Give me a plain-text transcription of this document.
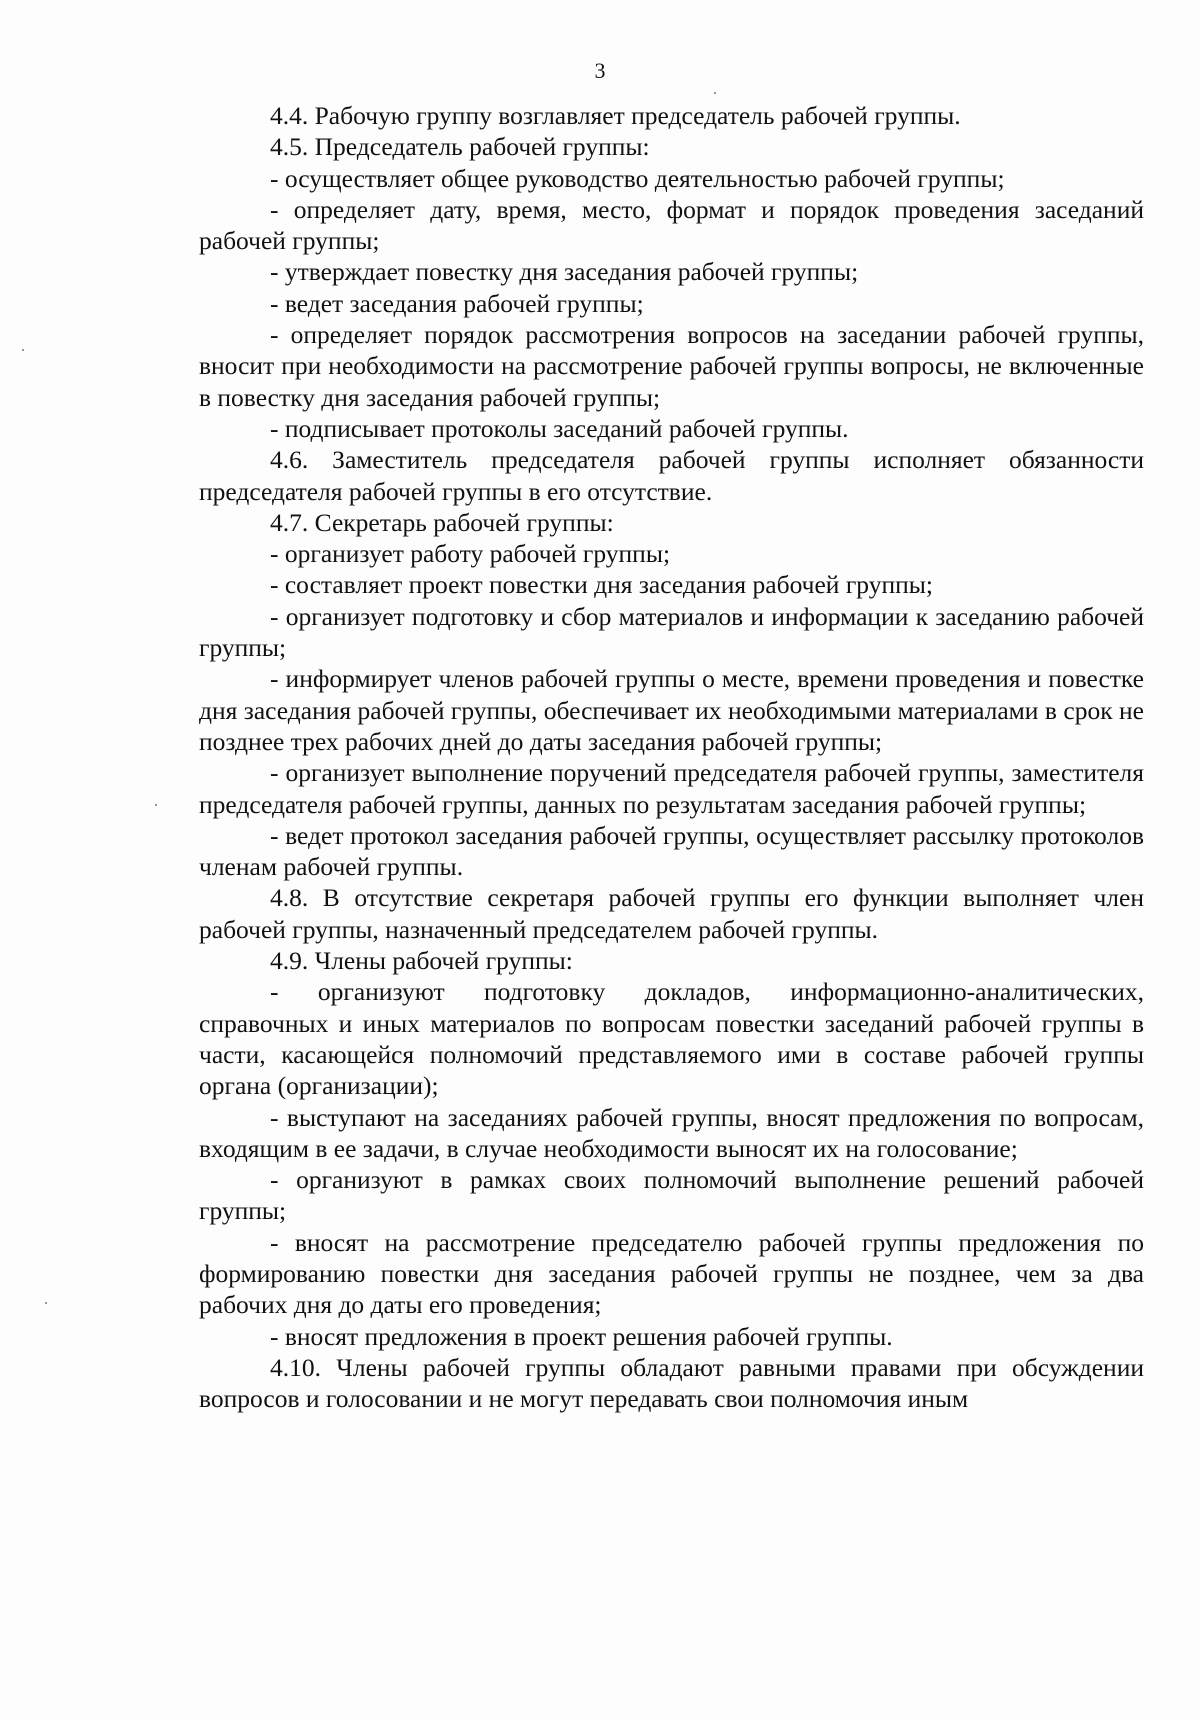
3

4.4. Рабочую группу возглавляет председатель рабочей группы.

4.5. Председатель рабочей группы:

- осуществляет общее руководство деятельностью рабочей группы;

- определяет дату, время, место, формат и порядок проведения заседаний рабочей группы;

- утверждает повестку дня заседания рабочей группы;

- ведет заседания рабочей группы;

- определяет порядок рассмотрения вопросов на заседании рабочей группы, вносит при необходимости на рассмотрение рабочей группы вопросы, не включенные в повестку дня заседания рабочей группы;

- подписывает протоколы заседаний рабочей группы.

4.6. Заместитель председателя рабочей группы исполняет обязанности председателя рабочей группы в его отсутствие.

4.7. Секретарь рабочей группы:

- организует работу рабочей группы;

- составляет проект повестки дня заседания рабочей группы;

- организует подготовку и сбор материалов и информации к заседанию рабочей группы;

- информирует членов рабочей группы о месте, времени проведения и повестке дня заседания рабочей группы, обеспечивает их необходимыми материалами в срок не позднее трех рабочих дней до даты заседания рабочей группы;

- организует выполнение поручений председателя рабочей группы, заместителя председателя рабочей группы, данных по результатам заседания рабочей группы;

- ведет протокол заседания рабочей группы, осуществляет рассылку протоколов членам рабочей группы.

4.8. В отсутствие секретаря рабочей группы его функции выполняет член рабочей группы, назначенный председателем рабочей группы.

4.9. Члены рабочей группы:

- организуют подготовку докладов, информационно-аналитических, справочных и иных материалов по вопросам повестки заседаний рабочей группы в части, касающейся полномочий представляемого ими в составе рабочей группы органа (организации);

- выступают на заседаниях рабочей группы, вносят предложения по вопросам, входящим в ее задачи, в случае необходимости выносят их на голосование;

- организуют в рамках своих полномочий выполнение решений рабочей группы;

- вносят на рассмотрение председателю рабочей группы предложения по формированию повестки дня заседания рабочей группы не позднее, чем за два рабочих дня до даты его проведения;

- вносят предложения в проект решения рабочей группы.

4.10. Члены рабочей группы обладают равными правами при обсуждении вопросов и голосовании и не могут передавать свои полномочия иным
